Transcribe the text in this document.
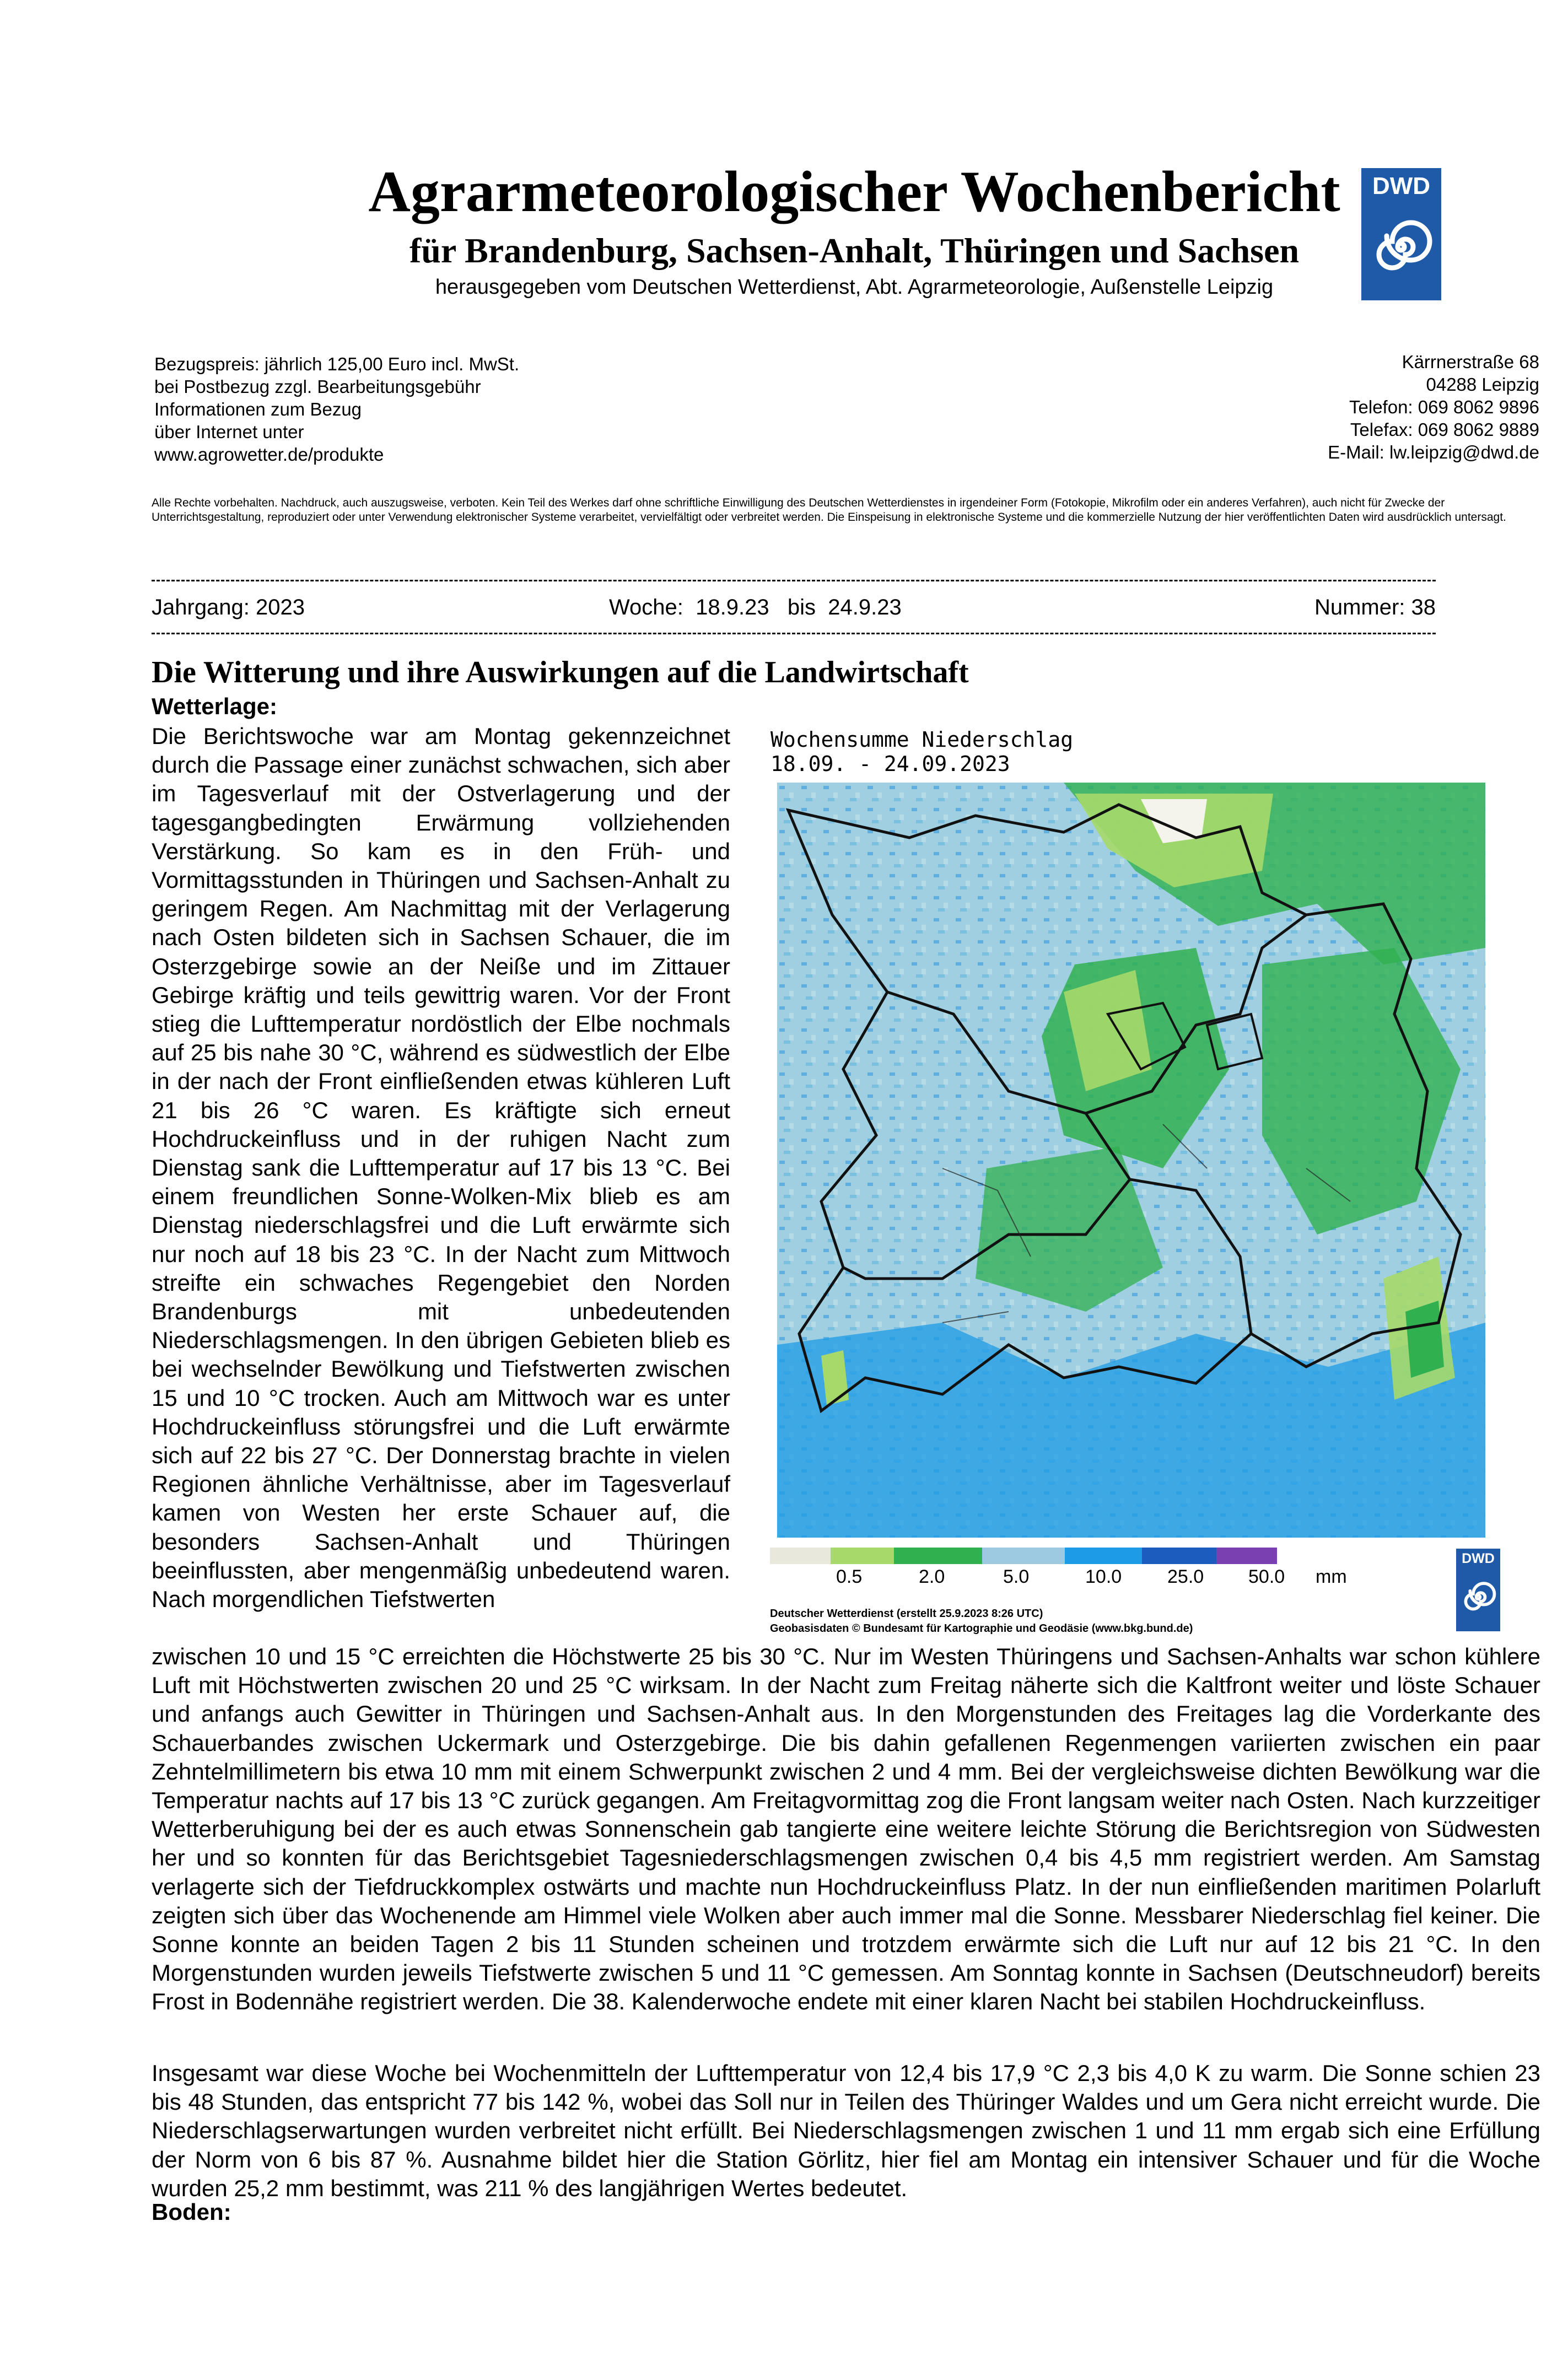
Agrarmeteorologischer Wochenbericht
für Brandenburg, Sachsen-Anhalt, Thüringen und Sachsen
herausgegeben vom Deutschen Wetterdienst, Abt. Agrarmeteorologie, Außenstelle Leipzig
DWD
Bezugspreis: jährlich 125,00 Euro incl. MwSt.
bei Postbezug zzgl. Bearbeitungsgebühr
Informationen zum Bezug
über Internet unter
www.agrowetter.de/produkte
Kärrnerstraße 68
04288 Leipzig
Telefon: 069 8062 9896
Telefax: 069 8062 9889
E-Mail: lw.leipzig@dwd.de
Alle Rechte vorbehalten. Nachdruck, auch auszugsweise, verboten. Kein Teil des Werkes darf ohne schriftliche Einwilligung des Deutschen Wetterdienstes in irgendeiner Form (Fotokopie, Mikrofilm oder ein anderes Verfahren), auch nicht für Zwecke der Unterrichtsgestaltung, reproduziert oder unter Verwendung elektronischer Systeme verarbeitet, vervielfältigt oder verbreitet werden. Die Einspeisung in elektronische Systeme und die kommerzielle Nutzung der hier veröffentlichten Daten wird ausdrücklich untersagt.
Jahrgang: 2023	Woche:  18.9.23   bis  24.9.23	Nummer: 38
Die Witterung und ihre Auswirkungen auf die Landwirtschaft
Wetterlage:
Die Berichtswoche war am Montag gekennzeichnet durch die Passage einer zunächst schwachen, sich aber im Tagesverlauf mit der Ostverlagerung und der tagesgangbedingten Erwärmung vollziehenden Verstärkung. So kam es in den Früh- und Vormittagsstunden in Thüringen und Sachsen-Anhalt zu geringem Regen. Am Nachmittag mit der Verlagerung nach Osten bildeten sich in Sachsen Schauer, die im Osterzgebirge sowie an der Neiße und im Zittauer Gebirge kräftig und teils gewittrig waren. Vor der Front stieg die Lufttemperatur nordöstlich der Elbe nochmals auf 25 bis nahe 30 °C, während es südwestlich der Elbe in der nach der Front einfließenden etwas kühleren Luft 21 bis 26 °C waren. Es kräftigte sich erneut Hochdruckeinfluss und in der ruhigen Nacht zum Dienstag sank die Lufttemperatur auf 17 bis 13 °C. Bei einem freundlichen Sonne-Wolken-Mix blieb es am Dienstag niederschlagsfrei und die Luft erwärmte sich nur noch auf 18 bis 23 °C. In der Nacht zum Mittwoch streifte ein schwaches Regengebiet den Norden Brandenburgs mit unbedeutenden Niederschlagsmengen. In den übrigen Gebieten blieb es bei wechselnder Bewölkung und Tiefstwerten zwischen 15 und 10 °C trocken. Auch am Mittwoch war es unter Hochdruckeinfluss störungsfrei und die Luft erwärmte sich auf 22 bis 27 °C. Der Donnerstag brachte in vielen Regionen ähnliche Verhältnisse, aber im Tagesverlauf kamen von Westen her erste Schauer auf, die besonders Sachsen-Anhalt und Thüringen beeinflussten, aber mengenmäßig unbedeutend waren. Nach morgendlichen Tiefstwerten
zwischen 10 und 15 °C erreichten die Höchstwerte 25 bis 30 °C. Nur im Westen Thüringens und Sachsen-Anhalts war schon kühlere Luft mit Höchstwerten zwischen 20 und 25 °C wirksam. In der Nacht zum Freitag näherte sich die Kaltfront weiter und löste Schauer und anfangs auch Gewitter in Thüringen und Sachsen-Anhalt aus. In den Morgenstunden des Freitages lag die Vorderkante des Schauerbandes zwischen Uckermark und Osterzgebirge. Die bis dahin gefallenen Regenmengen variierten zwischen ein paar Zehntelmillimetern bis etwa 10 mm mit einem Schwerpunkt zwischen 2 und 4 mm. Bei der vergleichsweise dichten Bewölkung war die Temperatur nachts auf 17 bis 13 °C zurück gegangen. Am Freitagvormittag zog die Front langsam weiter nach Osten. Nach kurzzeitiger Wetterberuhigung bei der es auch etwas Sonnenschein gab tangierte eine weitere leichte Störung die Berichtsregion von Südwesten her und so konnten für das Berichtsgebiet Tagesniederschlagsmengen zwischen 0,4 bis 4,5 mm registriert werden. Am Samstag verlagerte sich der Tiefdruckkomplex ostwärts und machte nun Hochdruckeinfluss Platz. In der nun einfließenden maritimen Polarluft zeigten sich über das Wochenende am Himmel viele Wolken aber auch immer mal die Sonne. Messbarer Niederschlag fiel keiner. Die Sonne konnte an beiden Tagen 2 bis 11 Stunden scheinen und trotzdem erwärmte sich die Luft nur auf 12 bis 21 °C. In den Morgenstunden wurden jeweils Tiefstwerte zwischen 5 und 11 °C gemessen. Am Sonntag konnte in Sachsen (Deutschneudorf) bereits Frost in Bodennähe registriert werden. Die 38. Kalenderwoche endete mit einer klaren Nacht bei stabilen Hochdruckeinfluss.
Insgesamt war diese Woche bei Wochenmitteln der Lufttemperatur von 12,4 bis 17,9 °C 2,3 bis 4,0 K zu warm. Die Sonne schien 23 bis 48 Stunden, das entspricht 77 bis 142 %, wobei das Soll nur in Teilen des Thüringer Waldes und um Gera nicht erreicht wurde. Die Niederschlagserwartungen wurden verbreitet nicht erfüllt. Bei Niederschlagsmengen zwischen 1 und 11 mm ergab sich eine Erfüllung der Norm von 6 bis 87 %. Ausnahme bildet hier die Station Görlitz, hier fiel am Montag ein intensiver Schauer und für die Woche wurden 25,2 mm bestimmt, was 211 % des langjährigen Wertes bedeutet.
Boden:
Wochensumme Niederschlag
18.09. - 24.09.2023
0.5	2.0	5.0	10.0 25.0 50.0 mm
Deutscher Wetterdienst (erstellt 25.9.2023 8:26 UTC)
Geobasisdaten © Bundesamt für Kartographie und Geodäsie (www.bkg.bund.de)
DWD
